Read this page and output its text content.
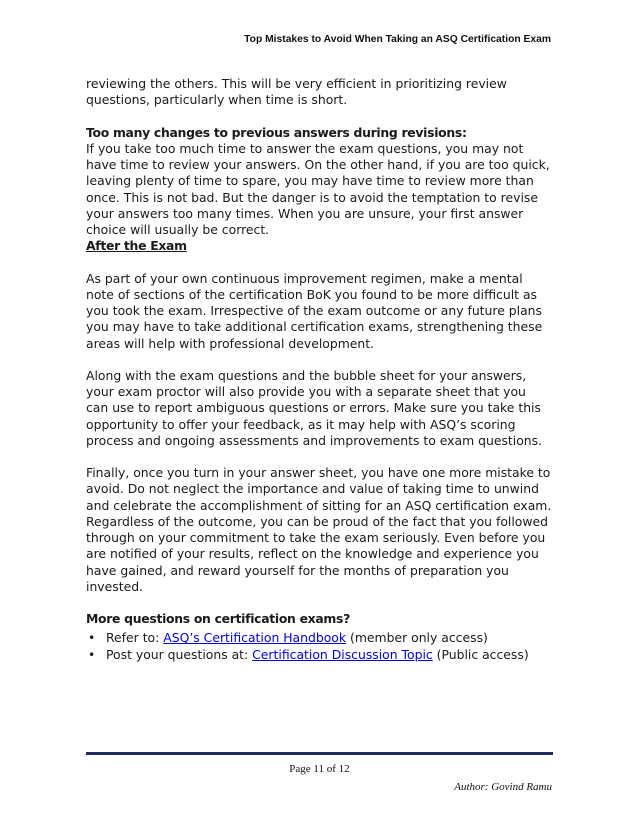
Top Mistakes to Avoid When Taking an ASQ Certification Exam

reviewing the others. This will be very efficient in prioritizing review questions, particularly when time is short.

Too many changes to previous answers during revisions:

If you take too much time to answer the exam questions, you may not have time to review your answers. On the other hand, if you are too quick, leaving plenty of time to spare, you may have time to review more than once. This is not bad. But the danger is to avoid the temptation to revise your answers too many times. When you are unsure, your first answer choice will usually be correct.

After the Exam

As part of your own continuous improvement regimen, make a mental note of sections of the certification BoK you found to be more difficult as you took the exam. Irrespective of the exam outcome or any future plans you may have to take additional certification exams, strengthening these areas will help with professional development.

Along with the exam questions and the bubble sheet for your answers, your exam proctor will also provide you with a separate sheet that you can use to report ambiguous questions or errors. Make sure you take this opportunity to offer your feedback, as it may help with ASQ’s scoring process and ongoing assessments and improvements to exam questions.

Finally, once you turn in your answer sheet, you have one more mistake to avoid. Do not neglect the importance and value of taking time to unwind and celebrate the accomplishment of sitting for an ASQ certification exam. Regardless of the outcome, you can be proud of the fact that you followed through on your commitment to take the exam seriously. Even before you are notified of your results, reflect on the knowledge and experience you have gained, and reward yourself for the months of preparation you invested.

More questions on certification exams?

• Refer to: ASQ’s Certification Handbook (member only access)
• Post your questions at: Certification Discussion Topic (Public access)
Page 11 of 12
Author: Govind Ramu
